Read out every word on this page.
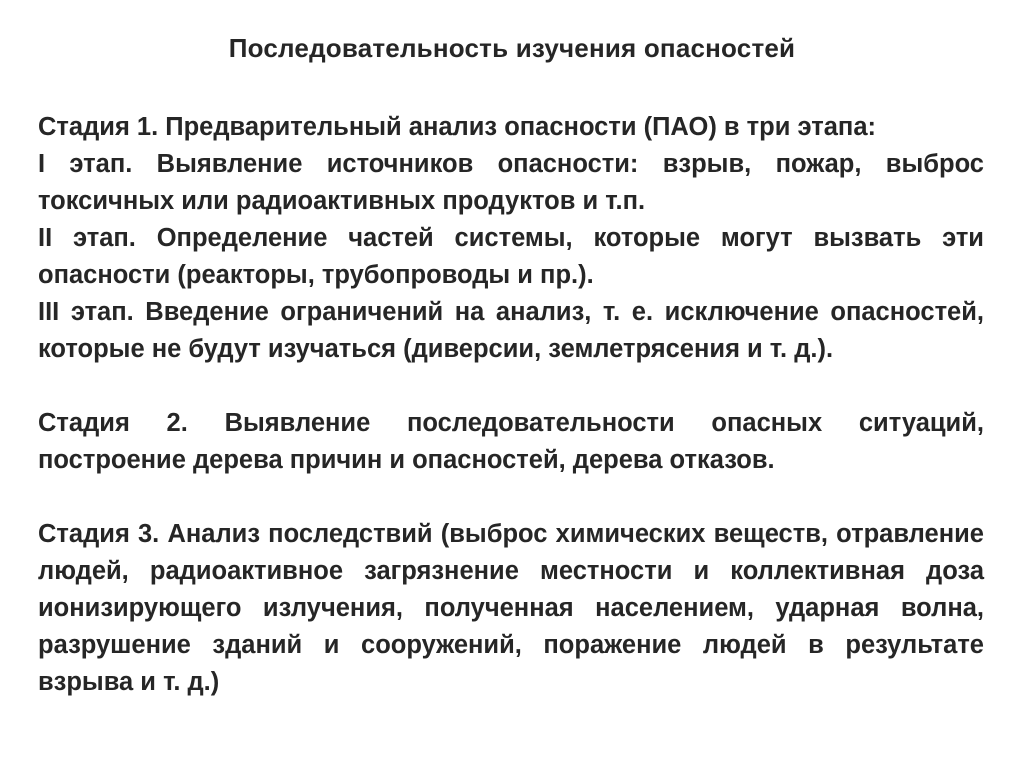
Последовательность изучения опасностей

Стадия 1. Предварительный анализ опасности (ПАО) в три этапа:

I этап. Выявление источников опасности: взрыв, пожар, выброс токсичных или радиоактивных продуктов и т.п.

II этап. Определение частей системы, которые могут вызвать эти опасности (реакторы, трубопроводы и пр.).

III этап. Введение ограничений на анализ, т. е. исключение опасностей, которые не будут изучаться (диверсии, землетрясения и т. д.).

Стадия 2. Выявление последовательности опасных ситуаций, построение дерева причин и опасностей, дерева отказов.

Стадия 3. Анализ последствий (выброс химических веществ, отравление людей, радиоактивное загрязнение местности и коллективная доза ионизирующего излучения, полученная населением, ударная волна, разрушение зданий и сооружений, поражение людей в результате взрыва и т. д.)
